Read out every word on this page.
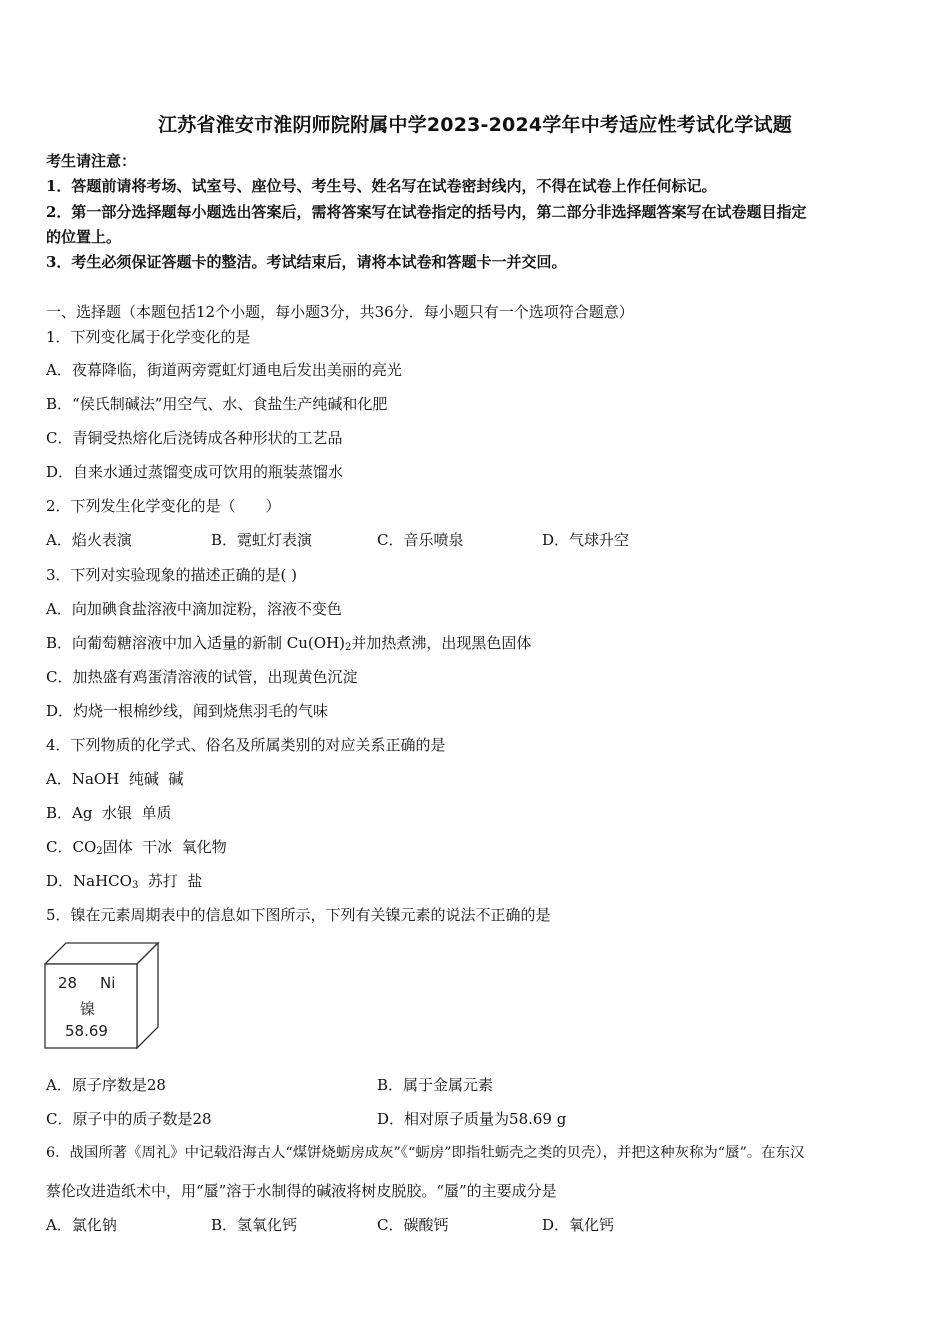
江苏省淮安市淮阴师院附属中学2023-2024学年中考适应性考试化学试题
考生请注意：
1．答题前请将考场、试室号、座位号、考生号、姓名写在试卷密封线内，不得在试卷上作任何标记。
2．第一部分选择题每小题选出答案后，需将答案写在试卷指定的括号内，第二部分非选择题答案写在试卷题目指定
的位置上。
3．考生必须保证答题卡的整洁。考试结束后，请将本试卷和答题卡一并交回。
一、选择题（本题包括12个小题，每小题3分，共36分．每小题只有一个选项符合题意）
1．下列变化属于化学变化的是
A．夜幕降临，街道两旁霓虹灯通电后发出美丽的亮光
B．“侯氏制碱法”用空气、水、食盐生产纯碱和化肥
C．青铜受热熔化后浇铸成各种形状的工艺品
D．自来水通过蒸馏变成可饮用的瓶装蒸馏水
2．下列发生化学变化的是（　　）
A．焰火表演	B．霓虹灯表演	C．音乐喷泉	D．气球升空
3．下列对实验现象的描述正确的是( )
A．向加碘食盐溶液中滴加淀粉，溶液不变色
B．向葡萄糖溶液中加入适量的新制 $Cu(OH)_2$并加热煮沸，出现黑色固体
C．加热盛有鸡蛋清溶液的试管，出现黄色沉淀
D．灼烧一根棉纱线，闻到烧焦羽毛的气味
4．下列物质的化学式、俗名及所属类别的对应关系正确的是
A．NaOH  纯碱  碱
B．Ag  水银  单质
C．$CO_2$固体  干冰  氧化物
D．NaHCO$_3$  苏打  盐
5．镍在元素周期表中的信息如下图所示，下列有关镍元素的说法不正确的是
28 Ni
镍
58.69
A．原子序数是28	B．属于金属元素
C．原子中的质子数是28	D．相对原子质量为58.69 g
6．战国所著《周礼》中记载沿海古人“煤饼烧蛎房成灰”《“蛎房”即指牡蛎壳之类的贝壳），并把这种灰称为“蜃”。在东汉
蔡伦改进造纸术中，用“蜃”溶于水制得的碱液将树皮脱胶。“蜃”的主要成分是
A．氯化钠	B．氢氧化钙	C．碳酸钙	D．氧化钙
